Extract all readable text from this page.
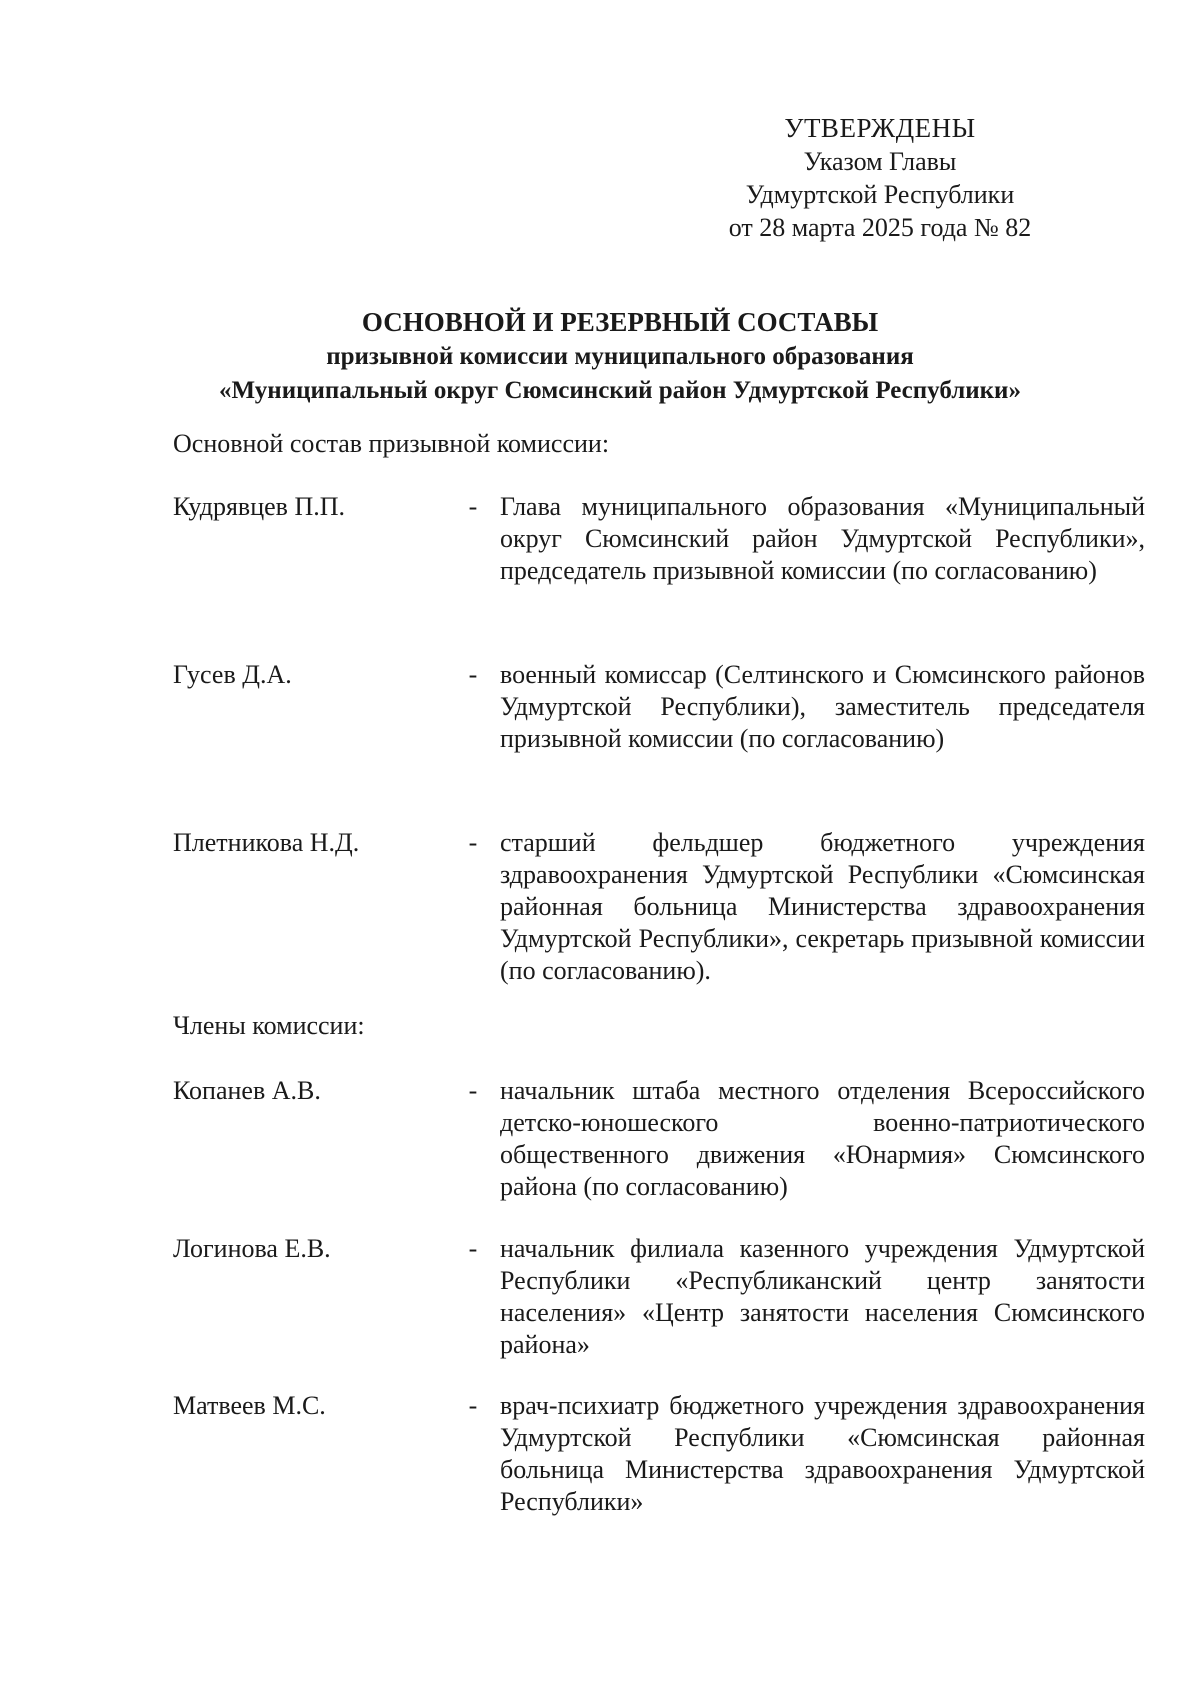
УТВЕРЖДЕНЫ
Указом Главы
Удмуртской Республики
от 28 марта 2025 года № 82
ОСНОВНОЙ И РЕЗЕРВНЫЙ СОСТАВЫ
призывной комиссии муниципального образования
«Муниципальный округ Сюмсинский район Удмуртской Республики»
Основной состав призывной комиссии:
Кудрявцев П.П.	- Глава муниципального образования «Муниципальный округ Сюмсинский район Удмуртской Республики», председатель призывной комиссии (по согласованию)
Гусев Д.А.	- военный комиссар (Селтинского и Сюмсинского районов Удмуртской Республики), заместитель председателя призывной комиссии (по согласованию)
Плетникова Н.Д.	- старший фельдшер бюджетного учреждения здравоохранения Удмуртской Республики «Сюмсинская районная больница Министерства здравоохранения Удмуртской Республики», секретарь призывной комиссии (по согласованию).
Члены комиссии:
Копанев А.В.	- начальник штаба местного отделения Всероссийского детско-юношеского военно-патриотического общественного движения «Юнармия» Сюмсинского района (по согласованию)
Логинова Е.В.	- начальник филиала казенного учреждения Удмуртской Республики «Республиканский центр занятости населения» «Центр занятости населения Сюмсинского района»
Матвеев М.С.	- врач-психиатр бюджетного учреждения здравоохранения Удмуртской Республики «Сюмсинская районная больница Министерства здравоохранения Удмуртской Республики»
